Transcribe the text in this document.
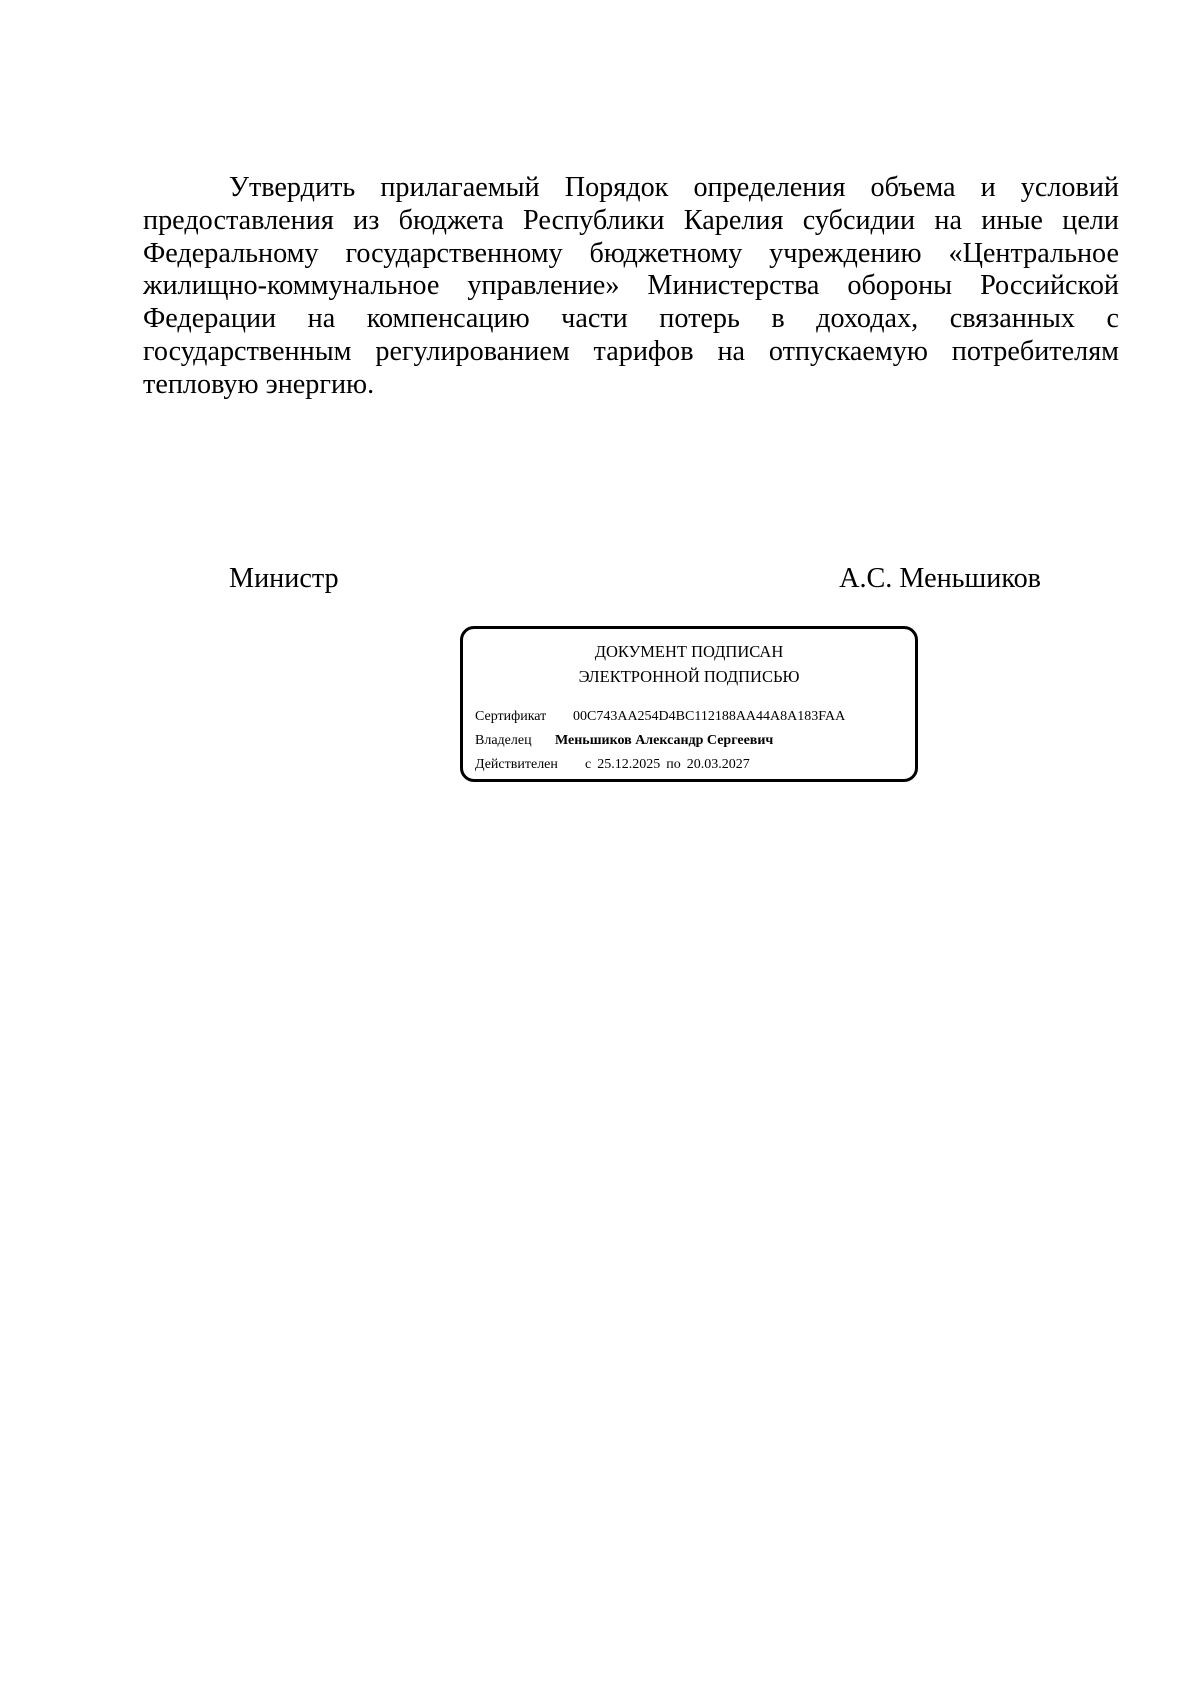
Утвердить прилагаемый Порядок определения объема и условий предоставления из бюджета Республики Карелия субсидии на иные цели Федеральному государственному бюджетному учреждению «Центральное жилищно-коммунальное управление» Министерства обороны Российской Федерации на компенсацию части потерь в доходах, связанных с государственным регулированием тарифов на отпускаемую потребителям тепловую энергию.

Министр	А.С. Меньшиков
ДОКУМЕНТ ПОДПИСАН
ЭЛЕКТРОННОЙ ПОДПИСЬЮ
Сертификат 00C743AA254D4BC112188AA44A8A183FAA
Владелец Меньшиков Александр Сергеевич
Действителен с 25.12.2025 по 20.03.2027
